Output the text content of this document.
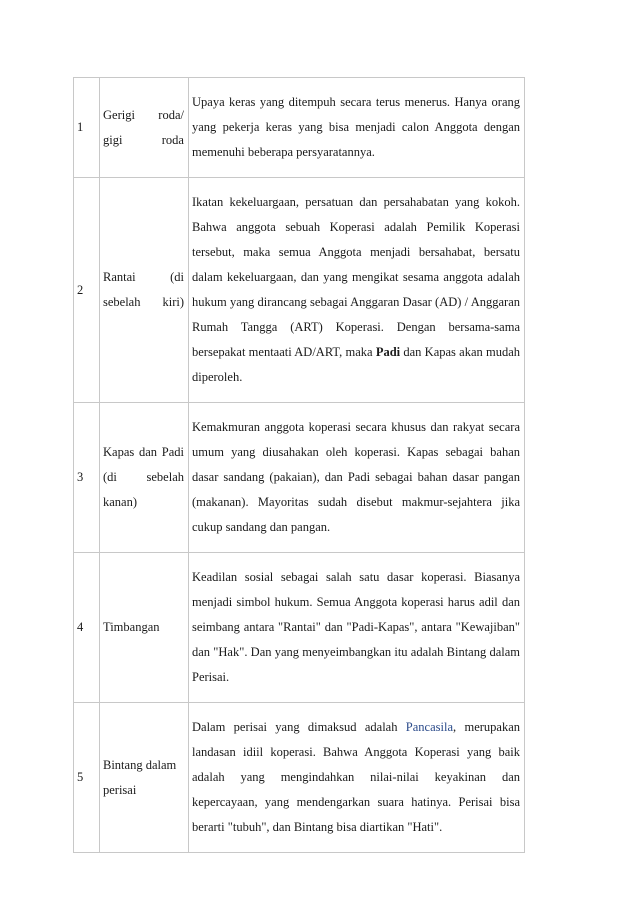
1	Gerigi roda/ gigi roda	Upaya keras yang ditempuh secara terus menerus. Hanya orang yang pekerja keras yang bisa menjadi calon Anggota dengan memenuhi beberapa persyaratannya.

2	Rantai (di sebelah kiri)	Ikatan kekeluargaan, persatuan dan persahabatan yang kokoh. Bahwa anggota sebuah Koperasi adalah Pemilik Koperasi tersebut, maka semua Anggota menjadi bersahabat, bersatu dalam kekeluargaan, dan yang mengikat sesama anggota adalah hukum yang dirancang sebagai Anggaran Dasar (AD) / Anggaran Rumah Tangga (ART) Koperasi. Dengan bersama-sama bersepakat mentaati AD/ART, maka Padi dan Kapas akan mudah diperoleh.

3	Kapas dan Padi (di sebelah kanan)	Kemakmuran anggota koperasi secara khusus dan rakyat secara umum yang diusahakan oleh koperasi. Kapas sebagai bahan dasar sandang (pakaian), dan Padi sebagai bahan dasar pangan (makanan). Mayoritas sudah disebut makmur-sejahtera jika cukup sandang dan pangan.

4	Timbangan	Keadilan sosial sebagai salah satu dasar koperasi. Biasanya menjadi simbol hukum. Semua Anggota koperasi harus adil dan seimbang antara "Rantai" dan "Padi-Kapas", antara "Kewajiban" dan "Hak". Dan yang menyeimbangkan itu adalah Bintang dalam Perisai.

5	Bintang dalam perisai	Dalam perisai yang dimaksud adalah Pancasila, merupakan landasan idiil koperasi. Bahwa Anggota Koperasi yang baik adalah yang mengindahkan nilai-nilai keyakinan dan kepercayaan, yang mendengarkan suara hatinya. Perisai bisa berarti "tubuh", dan Bintang bisa diartikan "Hati".
